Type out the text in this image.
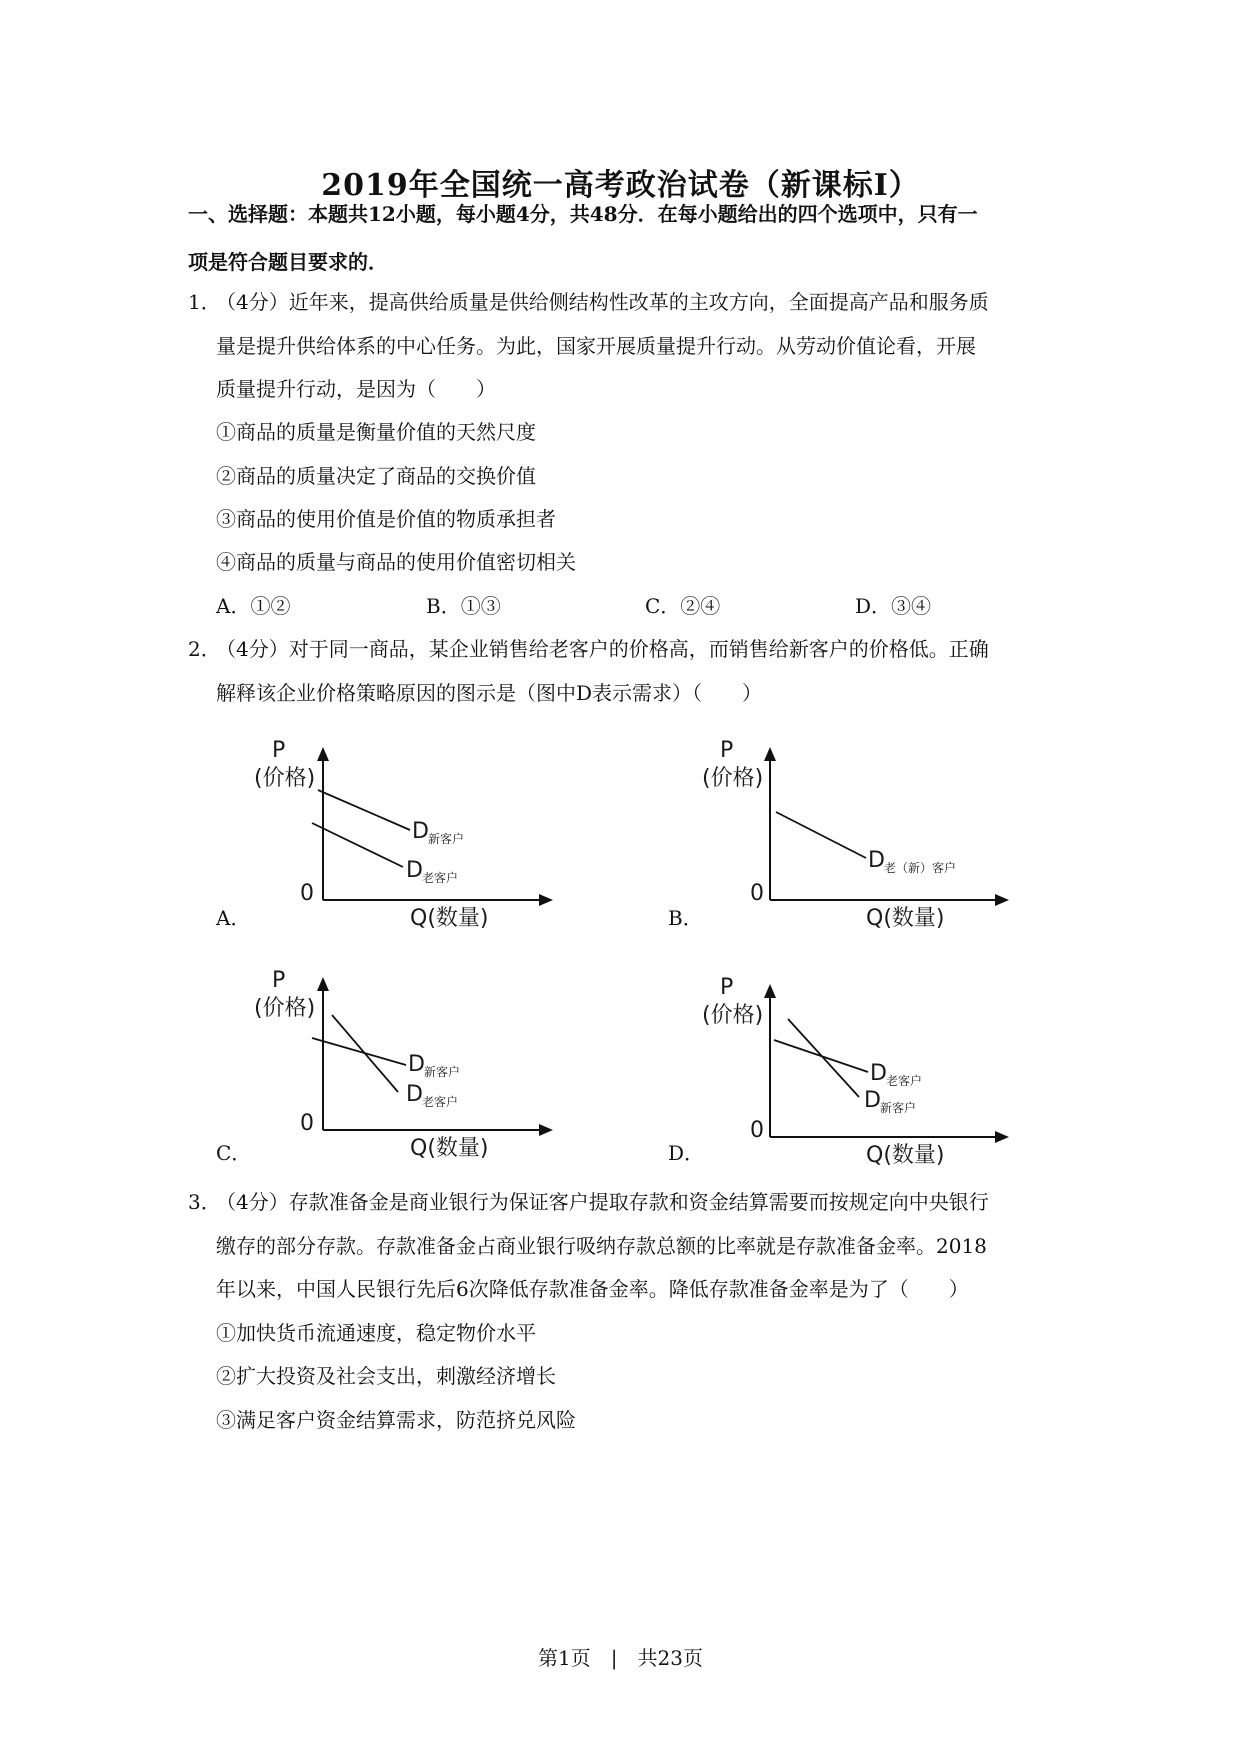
2019年全国统一高考政治试卷（新课标Ⅰ）
一、选择题：本题共12小题，每小题4分，共48分．在每小题给出的四个选项中，只有一
项是符合题目要求的．
1．（4分）近年来，提高供给质量是供给侧结构性改革的主攻方向，全面提高产品和服务质
量是提升供给体系的中心任务。为此，国家开展质量提升行动。从劳动价值论看，开展
质量提升行动，是因为（　　）
①商品的质量是衡量价值的天然尺度
②商品的质量决定了商品的交换价值
③商品的使用价值是价值的物质承担者
④商品的质量与商品的使用价值密切相关
A．①②	B．①③	C．②④	D．③④
2．（4分）对于同一商品，某企业销售给老客户的价格高，而销售给新客户的价格低。正确
解释该企业价格策略原因的图示是（图中D表示需求）（　　）
P
(价格)
0
Q(数量)
D 新客户
D 老客户
A．
P
(价格)
0
Q(数量)
D 老（新）客户
B．
P
(价格)
0
Q(数量)
D 新客户
D 老客户
C．
P
(价格)
0
Q(数量)
D 老客户
D 新客户
D．
3．（4分）存款准备金是商业银行为保证客户提取存款和资金结算需要而按规定向中央银行
缴存的部分存款。存款准备金占商业银行吸纳存款总额的比率就是存款准备金率。2018
年以来，中国人民银行先后6次降低存款准备金率。降低存款准备金率是为了（　　）
①加快货币流通速度，稳定物价水平
②扩大投资及社会支出，刺激经济增长
③满足客户资金结算需求，防范挤兑风险
第1页　|　共23页
